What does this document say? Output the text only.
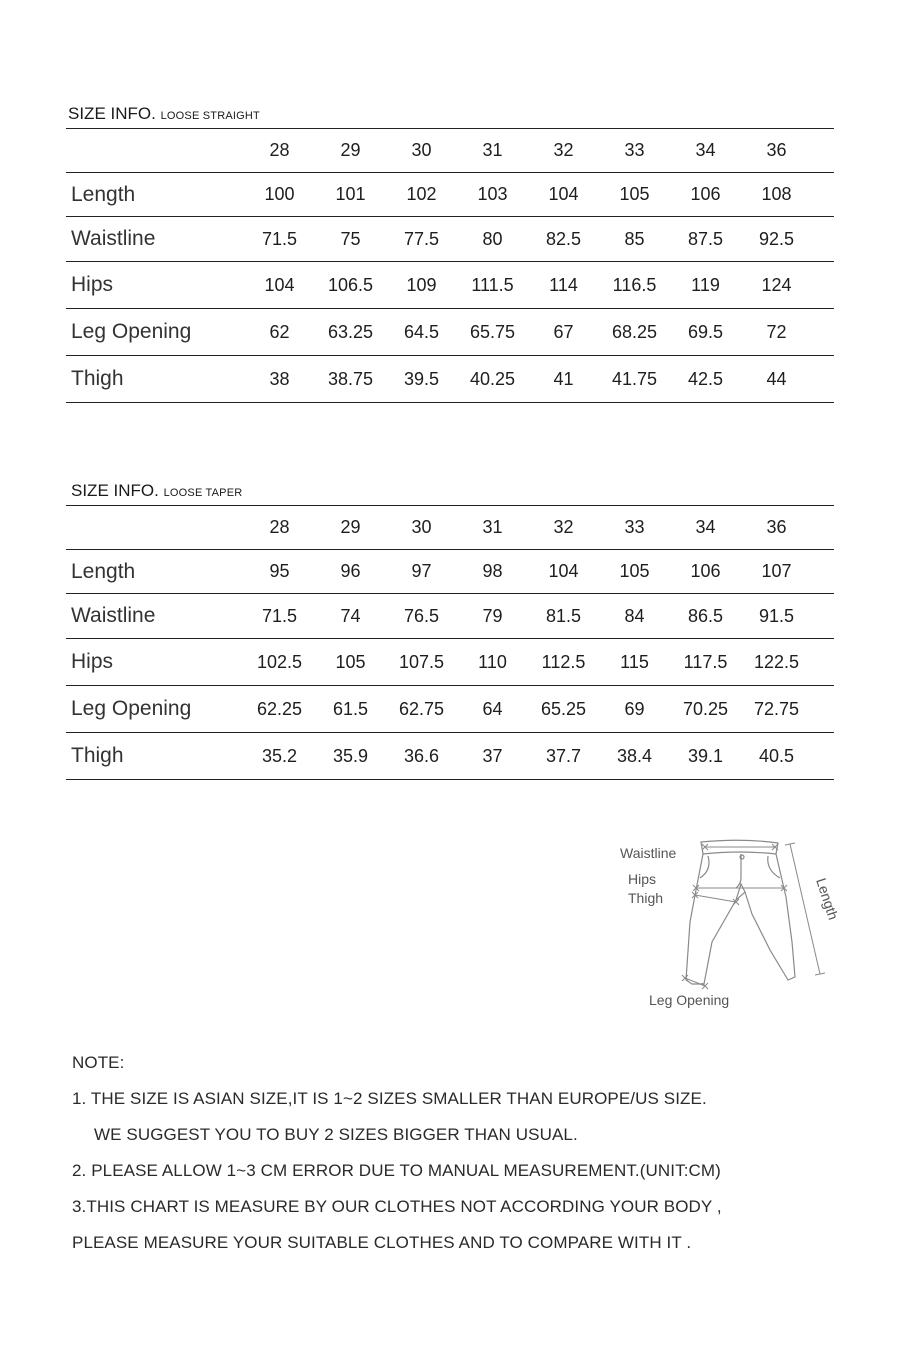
SIZE INFO. LOOSE STRAIGHT
	28	29	30	31	32	33	34	36	
Length	100	101	102	103	104	105	106	108	
Waistline	71.5	75	77.5	80	82.5	85	87.5	92.5	
Hips	104	106.5	109	111.5	114	116.5	119	124	
Leg Opening	62	63.25	64.5	65.75	67	68.25	69.5	72	
Thigh	38	38.75	39.5	40.25	41	41.75	42.5	44	
SIZE INFO. LOOSE TAPER
	28	29	30	31	32	33	34	36	
Length	95	96	97	98	104	105	106	107	
Waistline	71.5	74	76.5	79	81.5	84	86.5	91.5	
Hips	102.5	105	107.5	110	112.5	115	117.5	122.5	
Leg Opening	62.25	61.5	62.75	64	65.25	69	70.25	72.75	
Thigh	35.2	35.9	36.6	37	37.7	38.4	39.1	40.5	
Waistline
Hips
Thigh	Length
Leg Opening
NOTE:
1. THE SIZE IS ASIAN SIZE,IT IS 1~2 SIZES SMALLER THAN EUROPE/US SIZE.
WE SUGGEST YOU TO BUY 2 SIZES BIGGER THAN USUAL.
2. PLEASE ALLOW 1~3 CM ERROR DUE TO MANUAL MEASUREMENT.(UNIT:CM)
3.THIS CHART IS MEASURE BY OUR CLOTHES NOT ACCORDING YOUR BODY ,
PLEASE MEASURE YOUR SUITABLE CLOTHES AND TO COMPARE WITH IT .
